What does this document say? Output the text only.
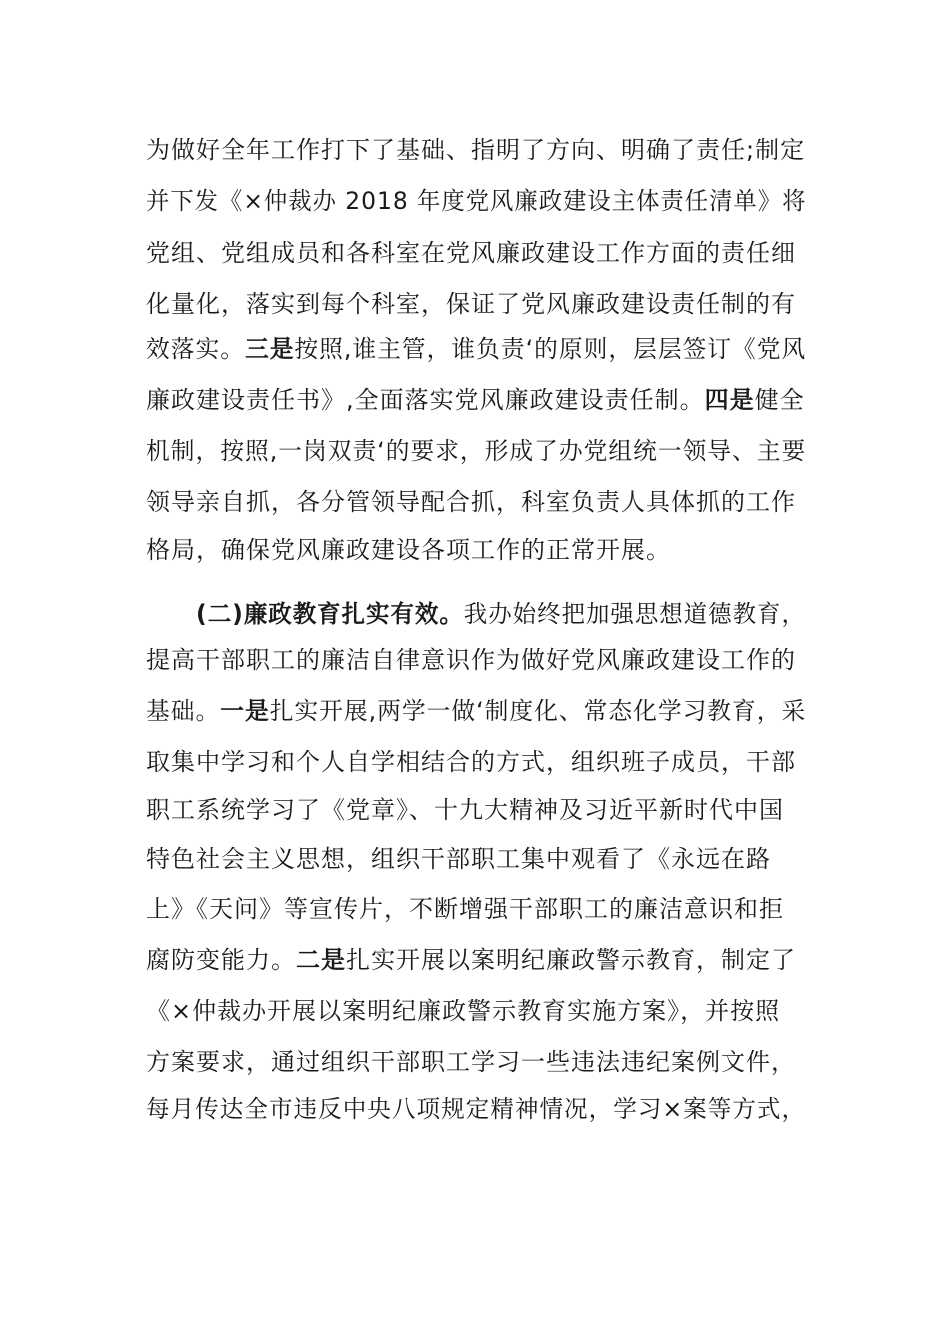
为做好全年工作打下了基础、指明了方向、明确了责任;制定
并下发《×仲裁办 2018 年度党风廉政建设主体责任清单》将
党组、党组成员和各科室在党风廉政建设工作方面的责任细
化量化，落实到每个科室，保证了党风廉政建设责任制的有
效落实。三是按照,谁主管，谁负责‘的原则，层层签订《党风
廉政建设责任书》,全面落实党风廉政建设责任制。四是健全
机制，按照,一岗双责‘的要求，形成了办党组统一领导、主要
领导亲自抓，各分管领导配合抓，科室负责人具体抓的工作
格局，确保党风廉政建设各项工作的正常开展。
(二)廉政教育扎实有效。我办始终把加强思想道德教育，
提高干部职工的廉洁自律意识作为做好党风廉政建设工作的
基础。一是扎实开展,两学一做‘制度化、常态化学习教育，采
取集中学习和个人自学相结合的方式，组织班子成员，干部
职工系统学习了《党章》、十九大精神及习近平新时代中国
特色社会主义思想，组织干部职工集中观看了《永远在路
上》《天问》等宣传片，不断增强干部职工的廉洁意识和拒
腐防变能力。二是扎实开展以案明纪廉政警示教育，制定了
《×仲裁办开展以案明纪廉政警示教育实施方案》，并按照
方案要求，通过组织干部职工学习一些违法违纪案例文件，
每月传达全市违反中央八项规定精神情况，学习×案等方式，
